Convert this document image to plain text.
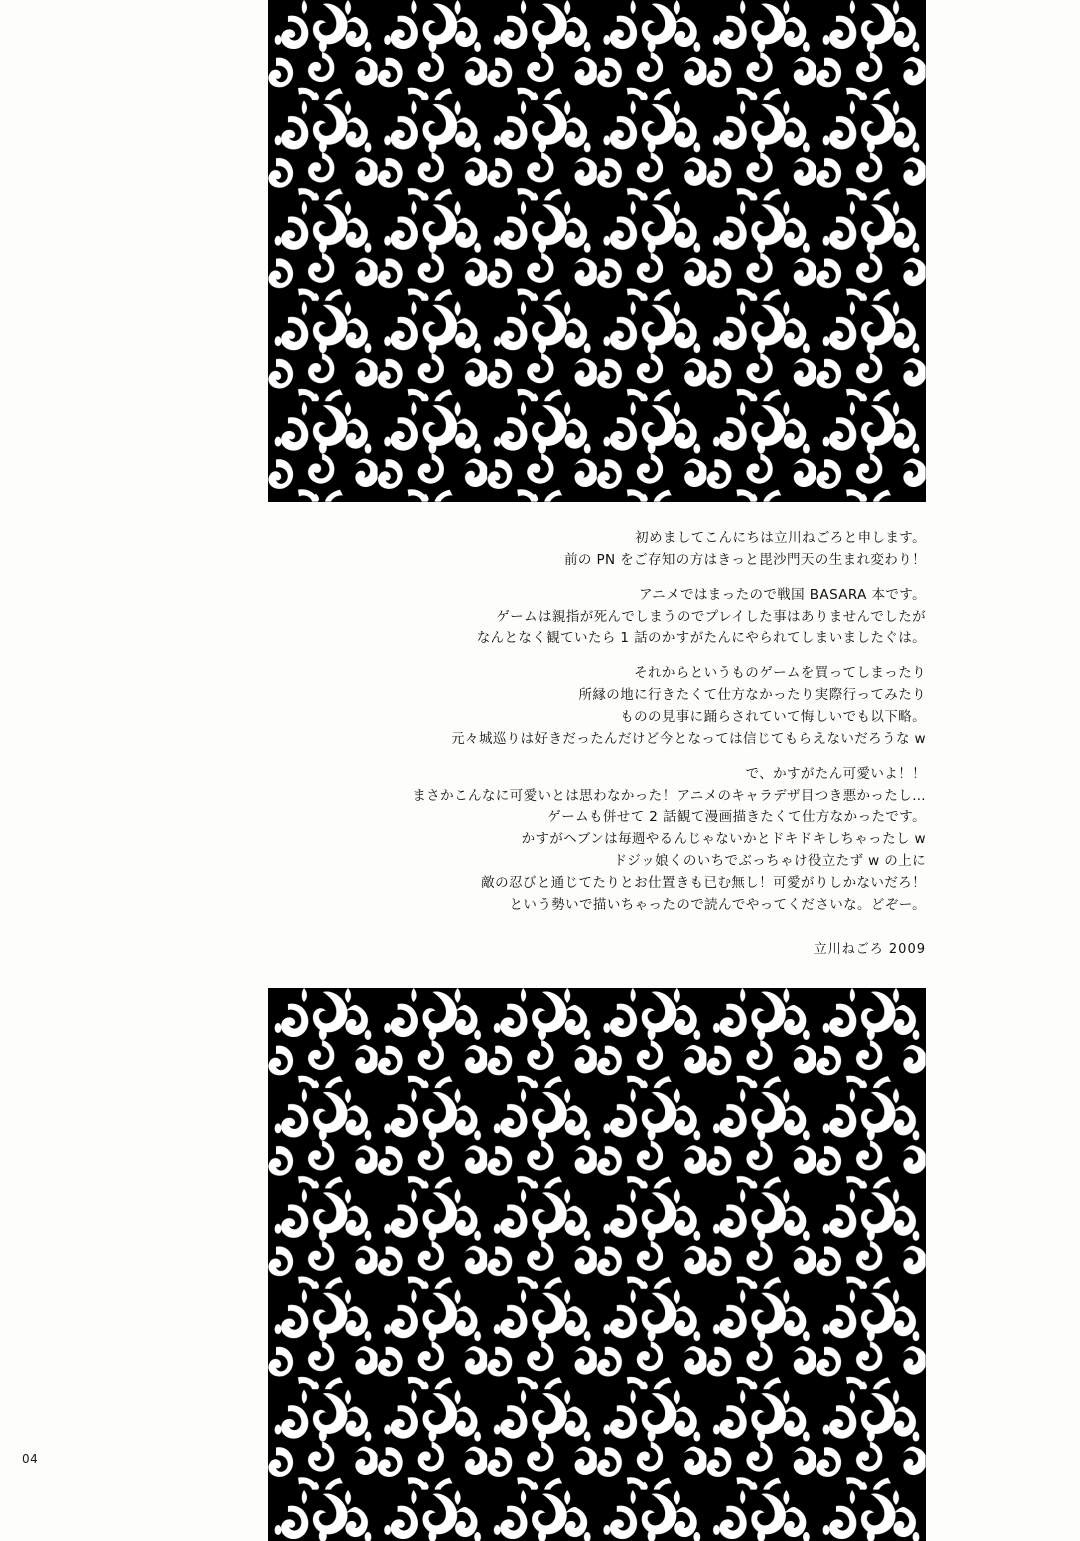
初めましてこんにちは立川ねごろと申します。
前の PN をご存知の方はきっと毘沙門天の生まれ変わり！

アニメではまったので戦国 BASARA 本です。
ゲームは親指が死んでしまうのでプレイした事はありませんでしたが
なんとなく観ていたら 1 話のかすがたんにやられてしまいましたぐは。

それからというものゲームを買ってしまったり
所縁の地に行きたくて仕方なかったり実際行ってみたり
ものの見事に踊らされていて悔しいでも以下略。
元々城巡りは好きだったんだけど今となっては信じてもらえないだろうな w

で、かすがたん可愛いよ！！
まさかこんなに可愛いとは思わなかった！アニメのキャラデザ目つき悪かったし…
ゲームも併せて 2 話観て漫画描きたくて仕方なかったです。
かすがヘブンは毎週やるんじゃないかとドキドキしちゃったし w
ドジッ娘くのいちでぶっちゃけ役立たず w の上に
敵の忍びと通じてたりとお仕置きも已む無し！可愛がりしかないだろ！
という勢いで描いちゃったので読んでやってくださいな。どぞー。

立川ねごろ 2009
04
